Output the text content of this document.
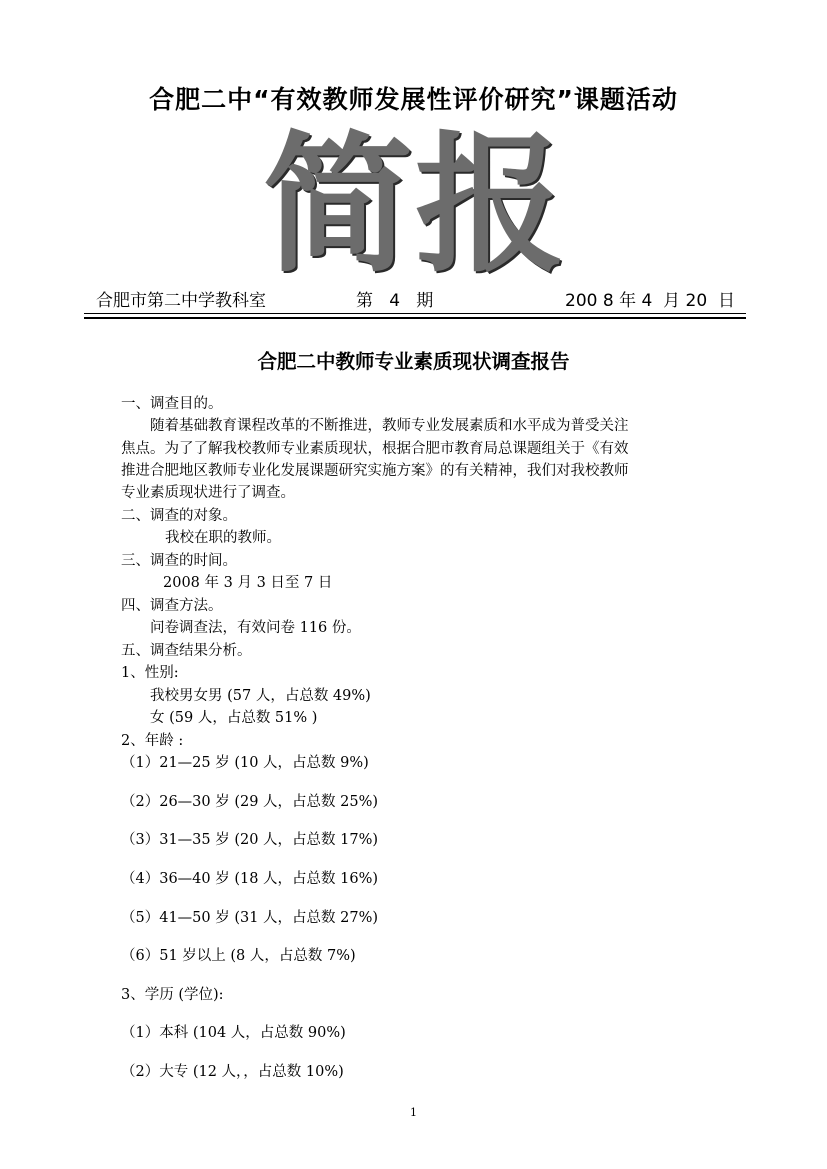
合肥二中“有效教师发展性评价研究”课题活动
简报
合肥市第二中学教科室	第   4   期	200 8 年 4  月 20  日
合肥二中教师专业素质现状调查报告
一、调查目的。
随着基础教育课程改革的不断推进，教师专业发展素质和水平成为普受关注
焦点。为了了解我校教师专业素质现状，根据合肥市教育局总课题组关于《有效
推进合肥地区教师专业化发展课题研究实施方案》的有关精神，我们对我校教师
专业素质现状进行了调查。
二、调查的对象。
我校在职的教师。
三、调查的时间。
2008 年 3 月 3 日至 7 日
四、调查方法。
问卷调查法，有效问卷 116 份。
五、调查结果分析。
1、性别:
我校男女男 (57 人，占总数 49%)
女 (59 人，占总数 51% )
2、年龄 :
（1）21—25 岁 (10 人，占总数 9%)
（2）26—30 岁 (29 人，占总数 25%)
（3）31—35 岁 (20 人，占总数 17%)
（4）36—40 岁 (18 人，占总数 16%)
（5）41—50 岁 (31 人，占总数 27%)
（6）51 岁以上 (8 人，占总数 7%)
3、学历 (学位):
（1）本科 (104 人，占总数 90%)
（2）大专 (12 人，，占总数 10%)
1
